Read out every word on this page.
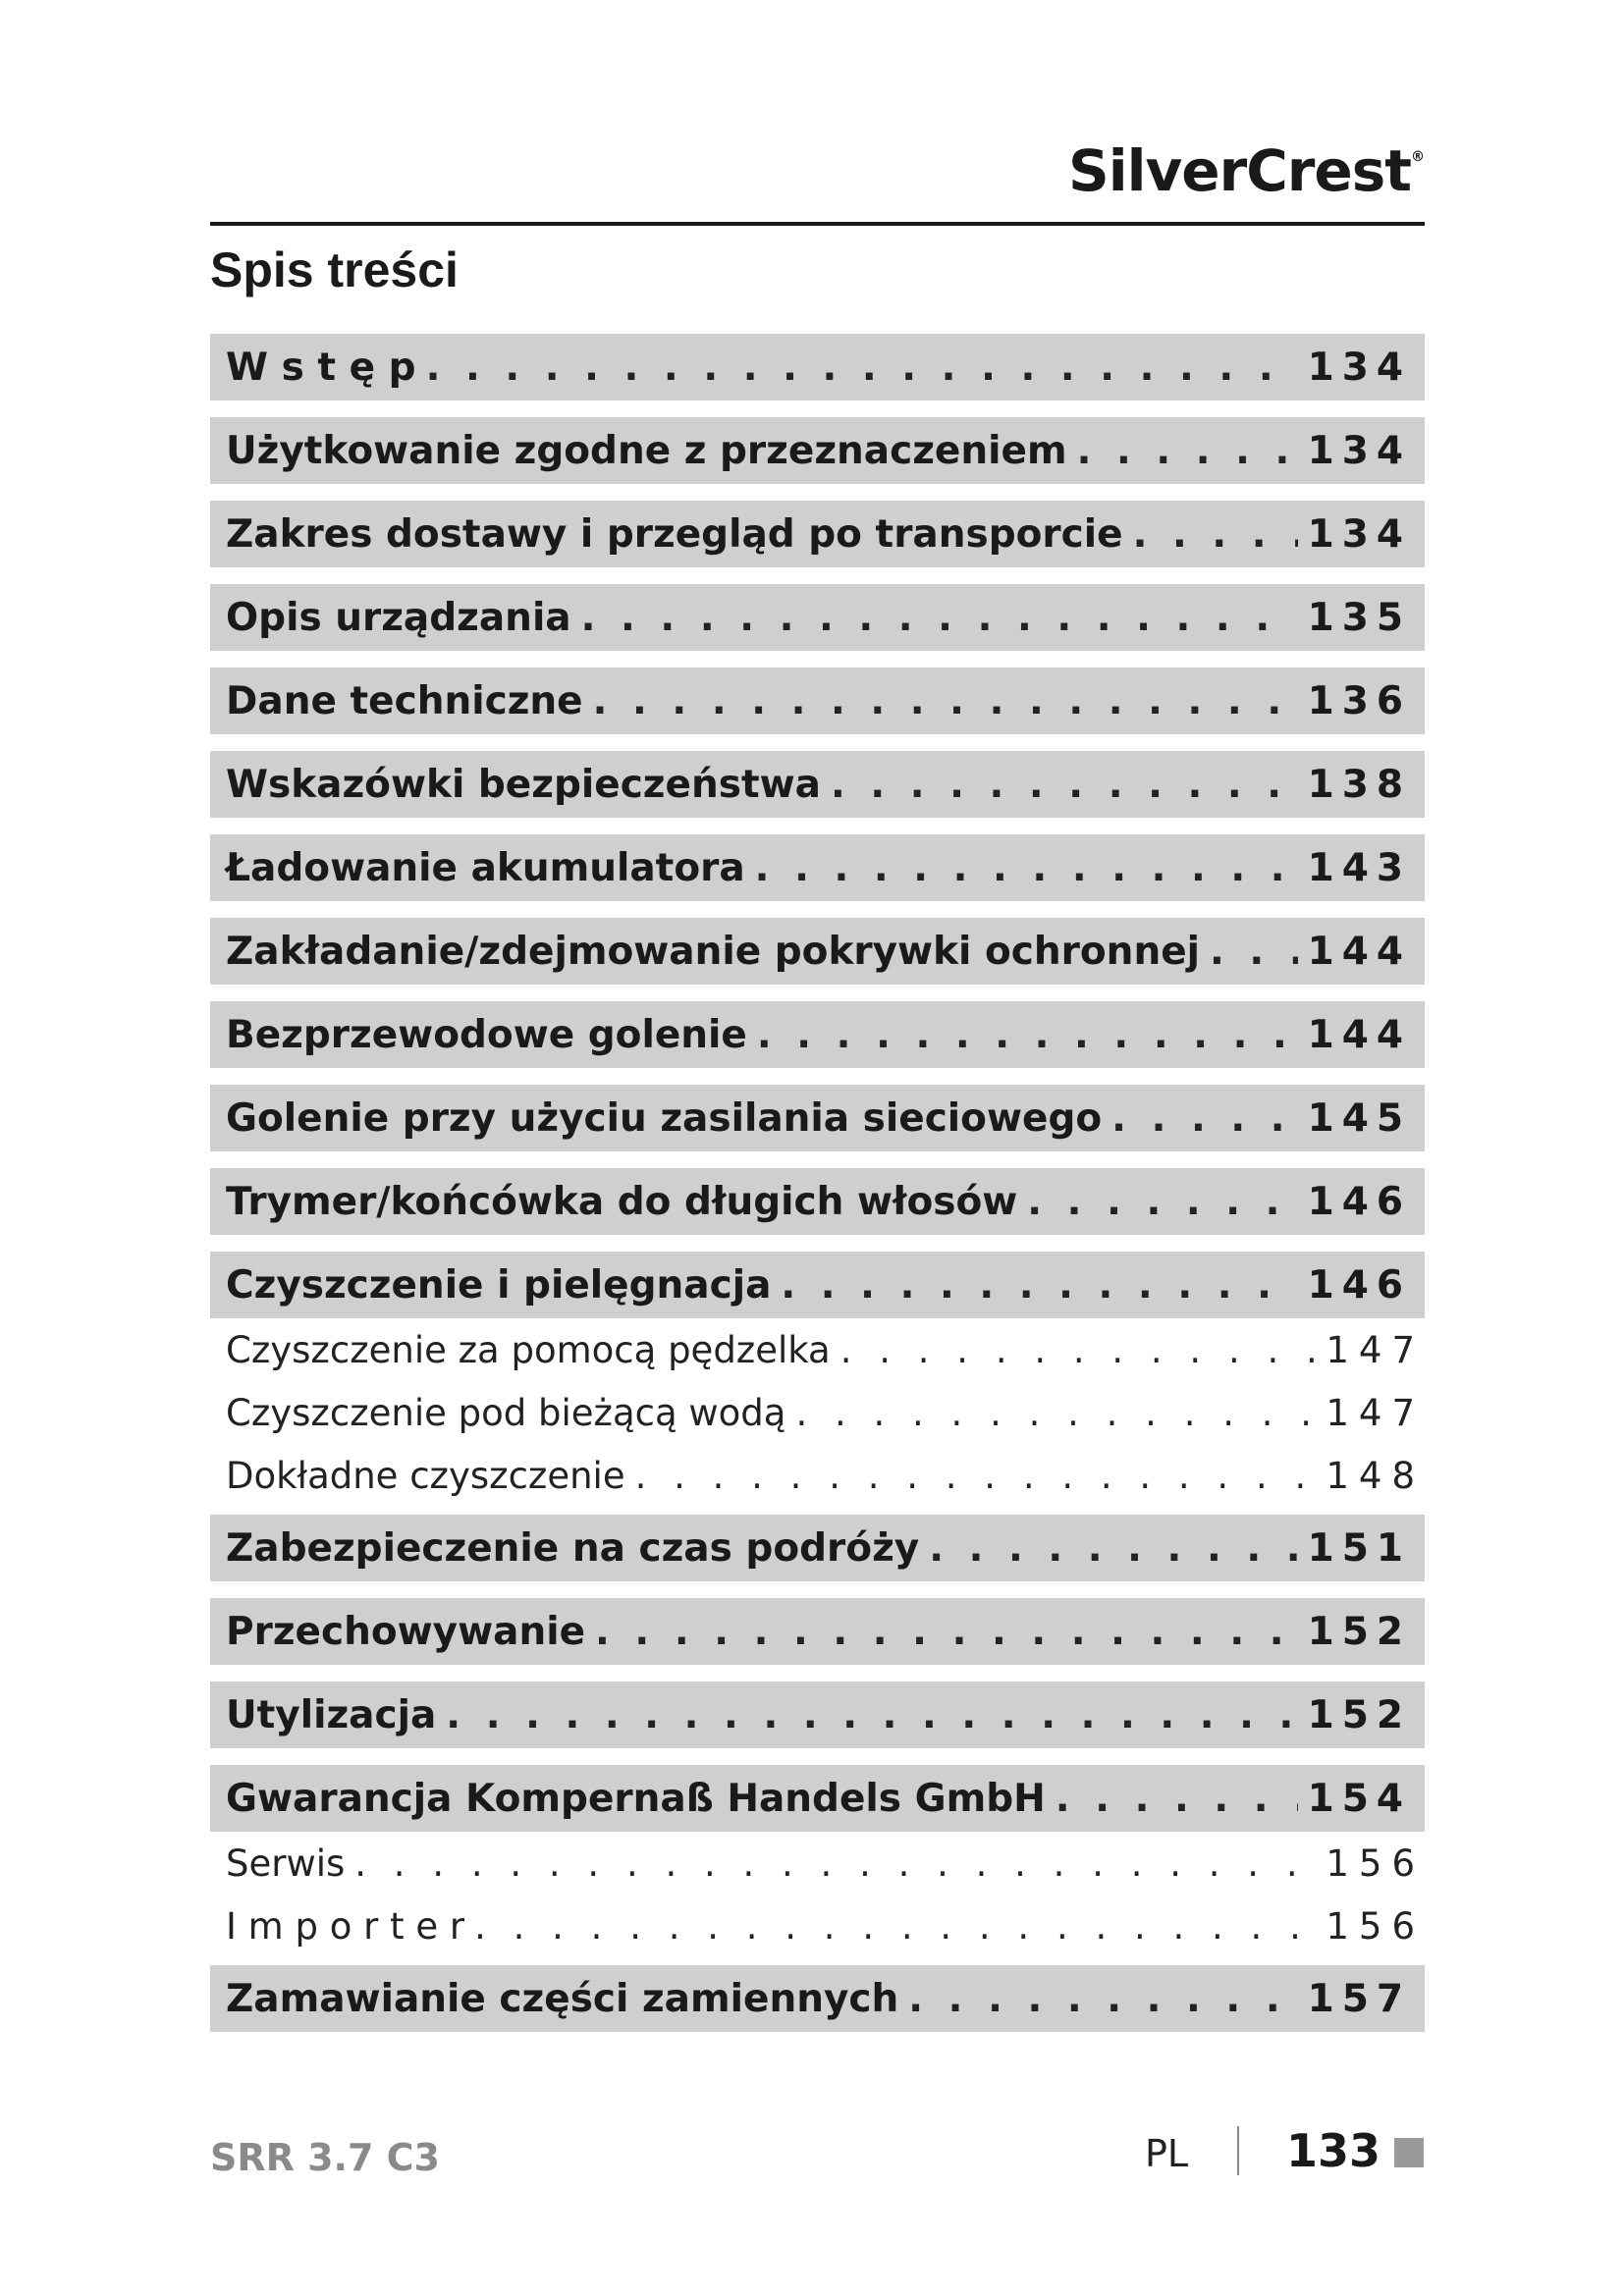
SilverCrest®
Spis treści
W s t ę p . . .	134
Użytkowanie zgodne z przeznaczeniem . . .	134
Zakres dostawy i przegląd po transporcie . . .	134
Opis urządzania . . .	135
Dane techniczne . . .	136
Wskazówki bezpieczeństwa . . .	138
Ładowanie akumulatora . . .	143
Zakładanie/zdejmowanie pokrywki ochronnej . . .	144
Bezprzewodowe golenie . . .	144
Golenie przy użyciu zasilania sieciowego . . .	145
Trymer/końcówka do długich włosów . . .	146
Czyszczenie i pielęgnacja . . .	146
Czyszczenie za pomocą pędzelka . . .	147
Czyszczenie pod bieżącą wodą . . .	147
Dokładne czyszczenie . . .	148
Zabezpieczenie na czas podróży . . .	151
Przechowywanie . . .	152
Utylizacja . . .	152
Gwarancja Kompernaß Handels GmbH . . .	154
Serwis . . .	156
I m p o r t e r . . .	156
Zamawianie części zamiennych . . .	157
SRR 3.7 C3	PL 133
